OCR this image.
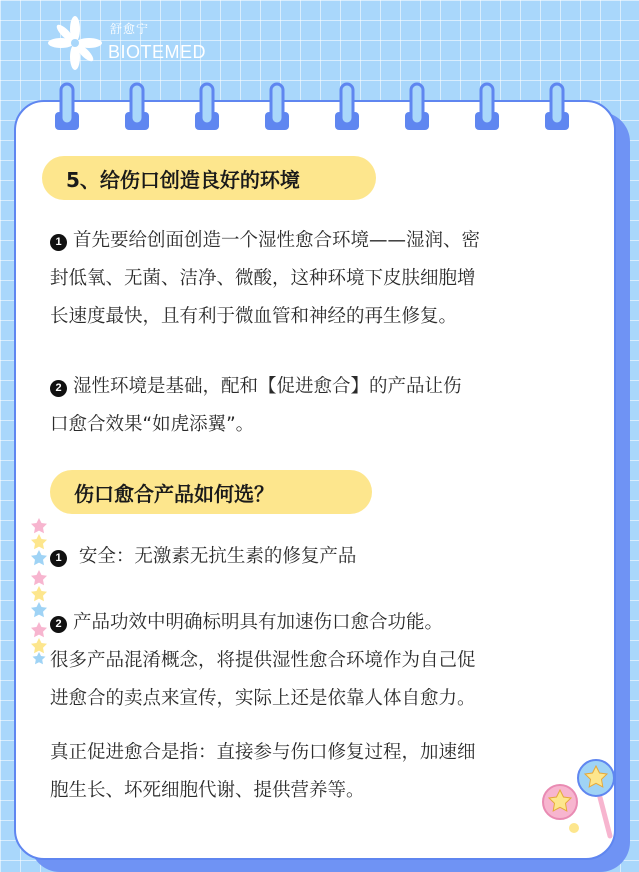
舒愈宁
BIOTEMED
5、给伤口创造良好的环境
1 首先要给创面创造一个湿性愈合环境——湿润、密
封低氧、无菌、洁净、微酸，这种环境下皮肤细胞增
长速度最快，且有利于微血管和神经的再生修复。
2 湿性环境是基础，配和【促进愈合】的产品让伤
口愈合效果“如虎添翼”。
伤口愈合产品如何选？
1 安全：无激素无抗生素的修复产品
2 产品功效中明确标明具有加速伤口愈合功能。
很多产品混淆概念，将提供湿性愈合环境作为自己促
进愈合的卖点来宣传，实际上还是依靠人体自愈力。
真正促进愈合是指：直接参与伤口修复过程，加速细
胞生长、坏死细胞代谢、提供营养等。
